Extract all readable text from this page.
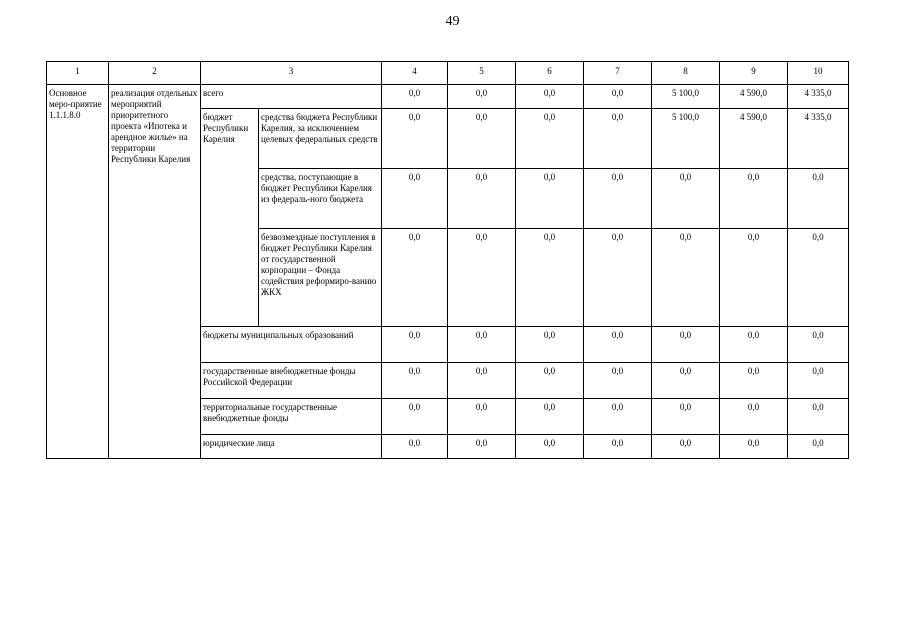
49
1	2	3		4	5	6	7	8	9	10
Основное меро-приятие 1.1.1.8.0	реализация отдельных мероприятий приоритетного проекта «Ипотека и арендное жилье» на территории Республики Карелия	всего		0,0	0,0	0,0	0,0	5 100,0	4 590,0	4 335,0
		бюджет Республики Карелия	средства бюджета Республики Карелия, за исключением целевых федеральных средств	0,0	0,0	0,0	0,0	5 100,0	4 590,0	4 335,0
			средства, поступающие в бюджет Республики Карелия из федераль-ного бюджета	0,0	0,0	0,0	0,0	0,0	0,0	0,0
			безвозмездные поступления в бюджет Республики Карелия от государственной корпорации – Фонда содействия реформиро-ванию ЖКХ	0,0	0,0	0,0	0,0	0,0	0,0	0,0
		бюджеты муниципальных образований		0,0	0,0	0,0	0,0	0,0	0,0	0,0
		государственные внебюджетные фонды Российской Федерации		0,0	0,0	0,0	0,0	0,0	0,0	0,0
		территориальные государственные внебюджетные фонды		0,0	0,0	0,0	0,0	0,0	0,0	0,0
		юридические лица		0,0	0,0	0,0	0,0	0,0	0,0	0,0
